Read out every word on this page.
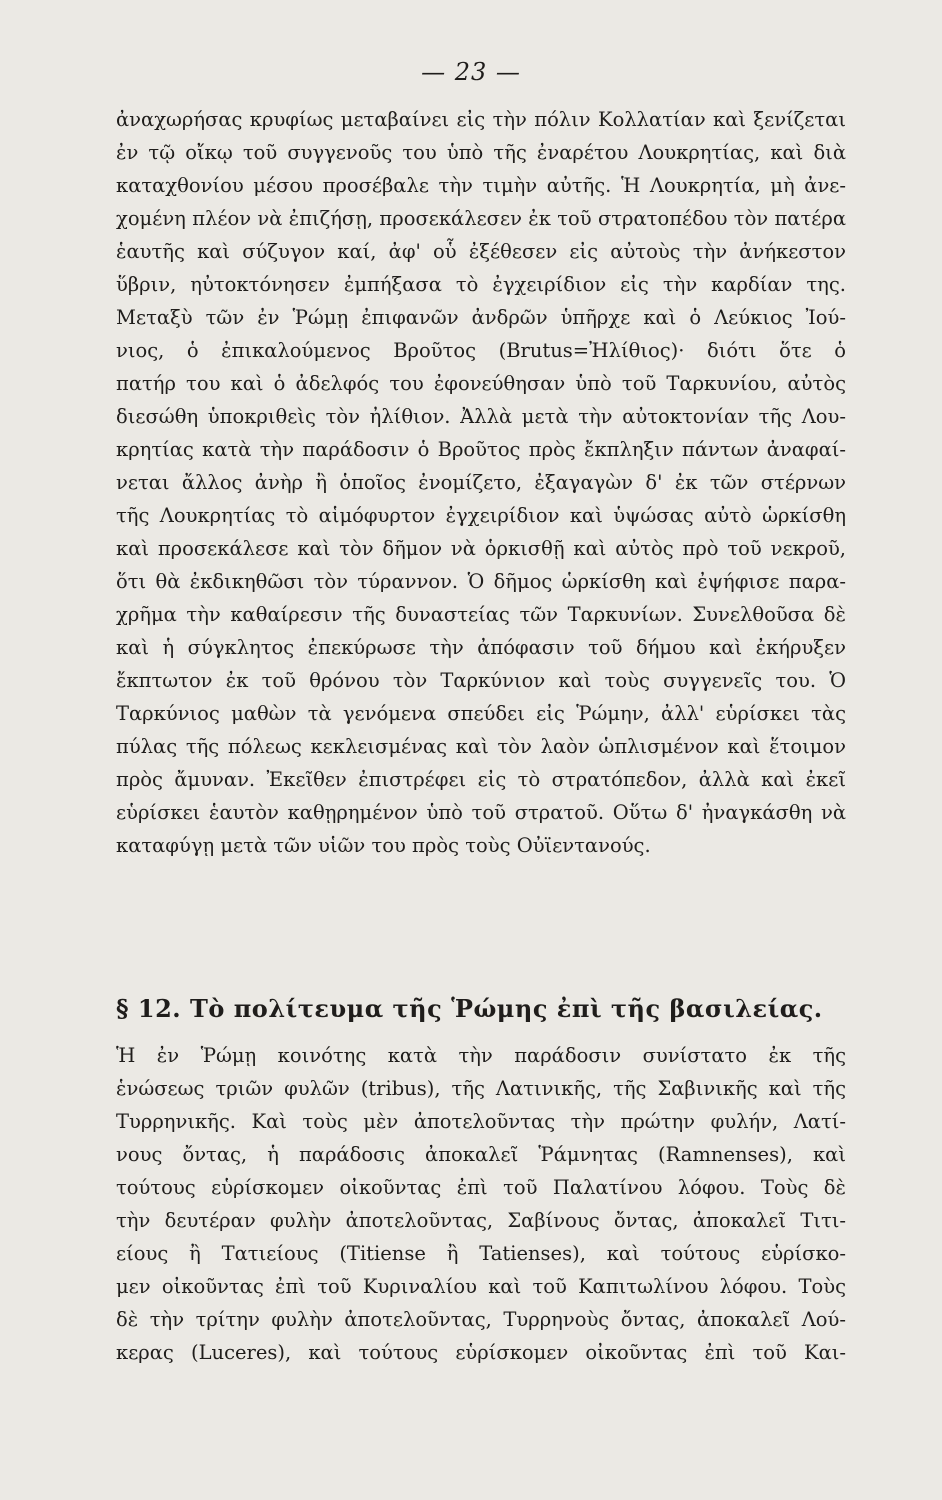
— 23 —
ἀναχωρήσας κρυφίως μεταβαίνει εἰς τὴν πόλιν Κολλατίαν καὶ ξενίζεται
ἐν τῷ οἴκῳ τοῦ συγγενοῦς του ὑπὸ τῆς ἐναρέτου Λουκρητίας, καὶ διὰ
καταχθονίου μέσου προσέβαλε τὴν τιμὴν αὐτῆς. Ἡ Λουκρητία, μὴ ἀνε-
χομένη πλέον νὰ ἐπιζήσῃ, προσεκάλεσεν ἐκ τοῦ στρατοπέδου τὸν πατέρα
ἑαυτῆς καὶ σύζυγον καί, ἀφ' οὗ ἐξέθεσεν εἰς αὐτοὺς τὴν ἀνήκεστον
ὕβριν, ηὐτοκτόνησεν ἐμπήξασα τὸ ἐγχειρίδιον εἰς τὴν καρδίαν της.
Μεταξὺ τῶν ἐν Ῥώμῃ ἐπιφανῶν ἀνδρῶν ὑπῆρχε καὶ ὁ Λεύκιος Ἰού-
νιος, ὁ ἐπικαλούμενος Βροῦτος (Brutus=Ἠλίθιος)· διότι ὅτε ὁ
πατήρ του καὶ ὁ ἀδελφός του ἐφονεύθησαν ὑπὸ τοῦ Ταρκυνίου, αὐτὸς
διεσώθη ὑποκριθεὶς τὸν ἠλίθιον. Ἀλλὰ μετὰ τὴν αὐτοκτονίαν τῆς Λου-
κρητίας κατὰ τὴν παράδοσιν ὁ Βροῦτος πρὸς ἔκπληξιν πάντων ἀναφαί-
νεται ἄλλος ἀνὴρ ἢ ὁποῖος ἐνομίζετο, ἐξαγαγὼν δ' ἐκ τῶν στέρνων
τῆς Λουκρητίας τὸ αἱμόφυρτον ἐγχειρίδιον καὶ ὑψώσας αὐτὸ ὡρκίσθη
καὶ προσεκάλεσε καὶ τὸν δῆμον νὰ ὁρκισθῇ καὶ αὐτὸς πρὸ τοῦ νεκροῦ,
ὅτι θὰ ἐκδικηθῶσι τὸν τύραννον. Ὁ δῆμος ὡρκίσθη καὶ ἐψήφισε παρα-
χρῆμα τὴν καθαίρεσιν τῆς δυναστείας τῶν Ταρκυνίων. Συνελθοῦσα δὲ
καὶ ἡ σύγκλητος ἐπεκύρωσε τὴν ἀπόφασιν τοῦ δήμου καὶ ἐκήρυξεν
ἔκπτωτον ἐκ τοῦ θρόνου τὸν Ταρκύνιον καὶ τοὺς συγγενεῖς του. Ὁ
Ταρκύνιος μαθὼν τὰ γενόμενα σπεύδει εἰς Ῥώμην, ἀλλ' εὑρίσκει τὰς
πύλας τῆς πόλεως κεκλεισμένας καὶ τὸν λαὸν ὡπλισμένον καὶ ἕτοιμον
πρὸς ἄμυναν. Ἐκεῖθεν ἐπιστρέφει εἰς τὸ στρατόπεδον, ἀλλὰ καὶ ἐκεῖ
εὑρίσκει ἑαυτὸν καθῃρημένον ὑπὸ τοῦ στρατοῦ. Οὕτω δ' ἠναγκάσθη νὰ
καταφύγῃ μετὰ τῶν υἱῶν του πρὸς τοὺς Οὐϊεντανούς.
§ 12. Τὸ πολίτευμα τῆς Ῥώμης ἐπὶ τῆς βασιλείας.
Ἡ ἐν Ῥώμῃ κοινότης κατὰ τὴν παράδοσιν συνίστατο ἐκ τῆς
ἑνώσεως τριῶν φυλῶν (tribus), τῆς Λατινικῆς, τῆς Σαβινικῆς καὶ τῆς
Τυρρηνικῆς. Καὶ τοὺς μὲν ἀποτελοῦντας τὴν πρώτην φυλήν, Λατί-
νους ὄντας, ἡ παράδοσις ἀποκαλεῖ Ῥάμνητας (Ramnenses), καὶ
τούτους εὑρίσκομεν οἰκοῦντας ἐπὶ τοῦ Παλατίνου λόφου. Τοὺς δὲ
τὴν δευτέραν φυλὴν ἀποτελοῦντας, Σαβίνους ὄντας, ἀποκαλεῖ Τιτι-
είους ἢ Τατιείους (Titiense ἢ Tatienses), καὶ τούτους εὑρίσκο-
μεν οἰκοῦντας ἐπὶ τοῦ Κυριναλίου καὶ τοῦ Καπιτωλίνου λόφου. Τοὺς
δὲ τὴν τρίτην φυλὴν ἀποτελοῦντας, Τυρρηνοὺς ὄντας, ἀποκαλεῖ Λού-
κερας (Luceres), καὶ τούτους εὑρίσκομεν οἰκοῦντας ἐπὶ τοῦ Και-
